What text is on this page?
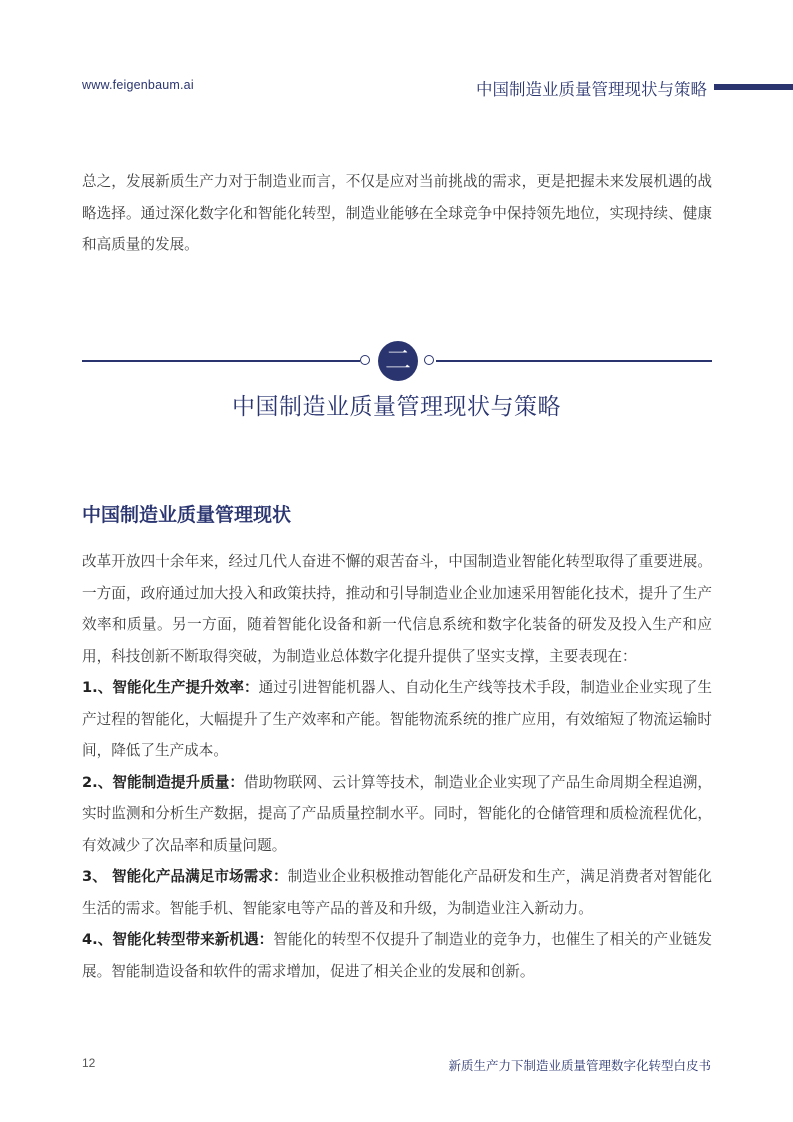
www.feigenbaum.ai	中国制造业质量管理现状与策略

总之，发展新质生产力对于制造业而言，不仅是应对当前挑战的需求，更是把握未来发展机遇的战略选择。通过深化数字化和智能化转型，制造业能够在全球竞争中保持领先地位，实现持续、健康和高质量的发展。

二
中国制造业质量管理现状与策略
中国制造业质量管理现状

改革开放四十余年来，经过几代人奋进不懈的艰苦奋斗，中国制造业智能化转型取得了重要进展。一方面，政府通过加大投入和政策扶持，推动和引导制造业企业加速采用智能化技术，提升了生产效率和质量。另一方面，随着智能化设备和新一代信息系统和数字化装备的研发及投入生产和应用，科技创新不断取得突破，为制造业总体数字化提升提供了坚实支撑，主要表现在：

1.、智能化生产提升效率：通过引进智能机器人、自动化生产线等技术手段，制造业企业实现了生产过程的智能化，大幅提升了生产效率和产能。智能物流系统的推广应用，有效缩短了物流运输时间，降低了生产成本。

2.、智能制造提升质量：借助物联网、云计算等技术，制造业企业实现了产品生命周期全程追溯，实时监测和分析生产数据，提高了产品质量控制水平。同时，智能化的仓储管理和质检流程优化，有效减少了次品率和质量问题。

3、 智能化产品满足市场需求：制造业企业积极推动智能化产品研发和生产，满足消费者对智能化生活的需求。智能手机、智能家电等产品的普及和升级，为制造业注入新动力。

4.、智能化转型带来新机遇：智能化的转型不仅提升了制造业的竞争力，也催生了相关的产业链发展。智能制造设备和软件的需求增加，促进了相关企业的发展和创新。

12	新质生产力下制造业质量管理数字化转型白皮书
